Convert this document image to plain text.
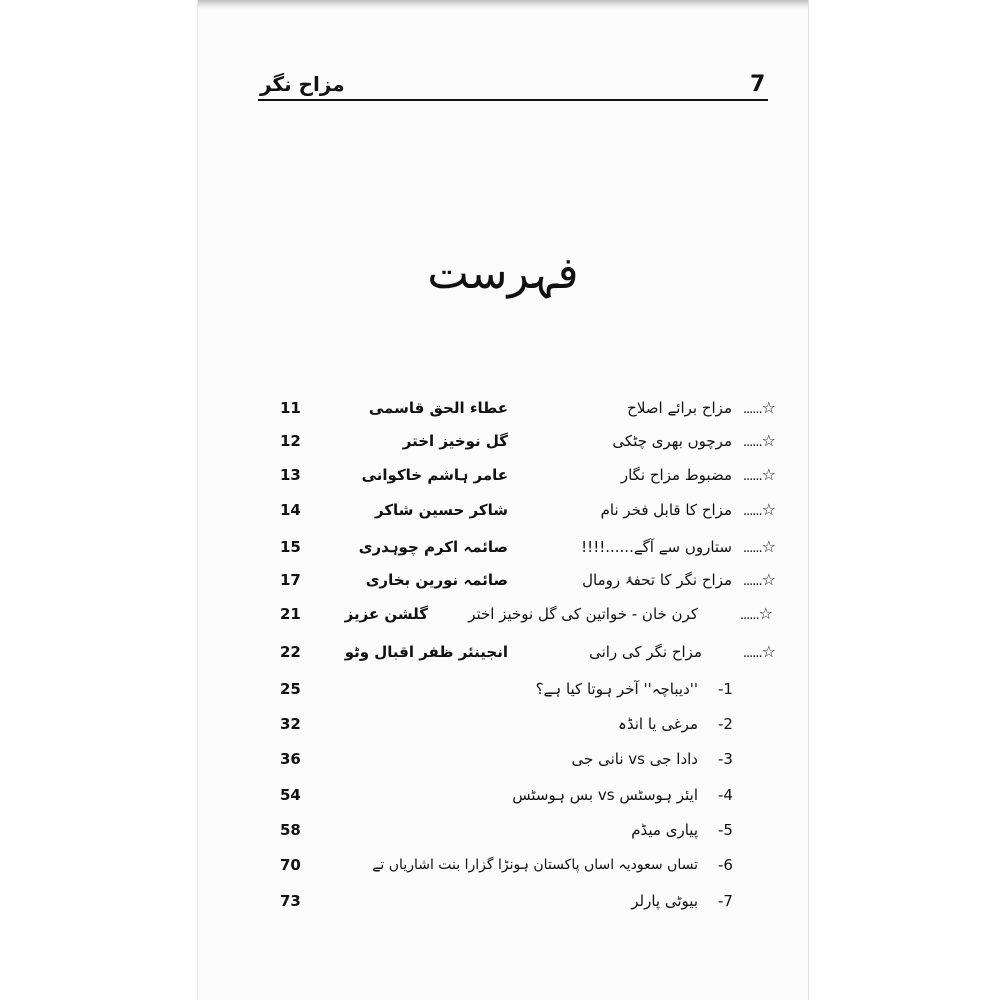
7
مزاح نگر
فہرست
11	عطاء الحق قاسمی	مزاح برائے اصلاح ......☆
12	گل نوخیز اختر	مرچوں بھری چٹکی ......☆
13	عامر ہاشم خاکوانی	مضبوط مزاح نگار ......☆
14	شاکر حسین شاکر	مزاح کا قابل فخر نام ......☆
15	صائمہ اکرم چوہدری	ستاروں سے آگے......!!!! ......☆
17	صائمہ نورین بخاری	مزاح نگر کا تحفۂ رومال ......☆
21	گلشن عزیز	کرن خان - خواتین کی گل نوخیز اختر	......☆
22	انجینئر ظفر اقبال وٹو	مزاح نگر کی رانی	......☆
25	''دیباچہ'' آخر ہوتا کیا ہے؟ -1
32	مرغی یا انڈہ -2
36	دادا جی vs نانی جی -3
54	ایئر ہوسٹس vs بس ہوسٹس -4
58	پیاری میڈم -5
70	تساں سعودیہ اساں پاکستان ہونڑا گزارا بنت اشاریاں تے -6
73	بیوٹی پارلر -7
